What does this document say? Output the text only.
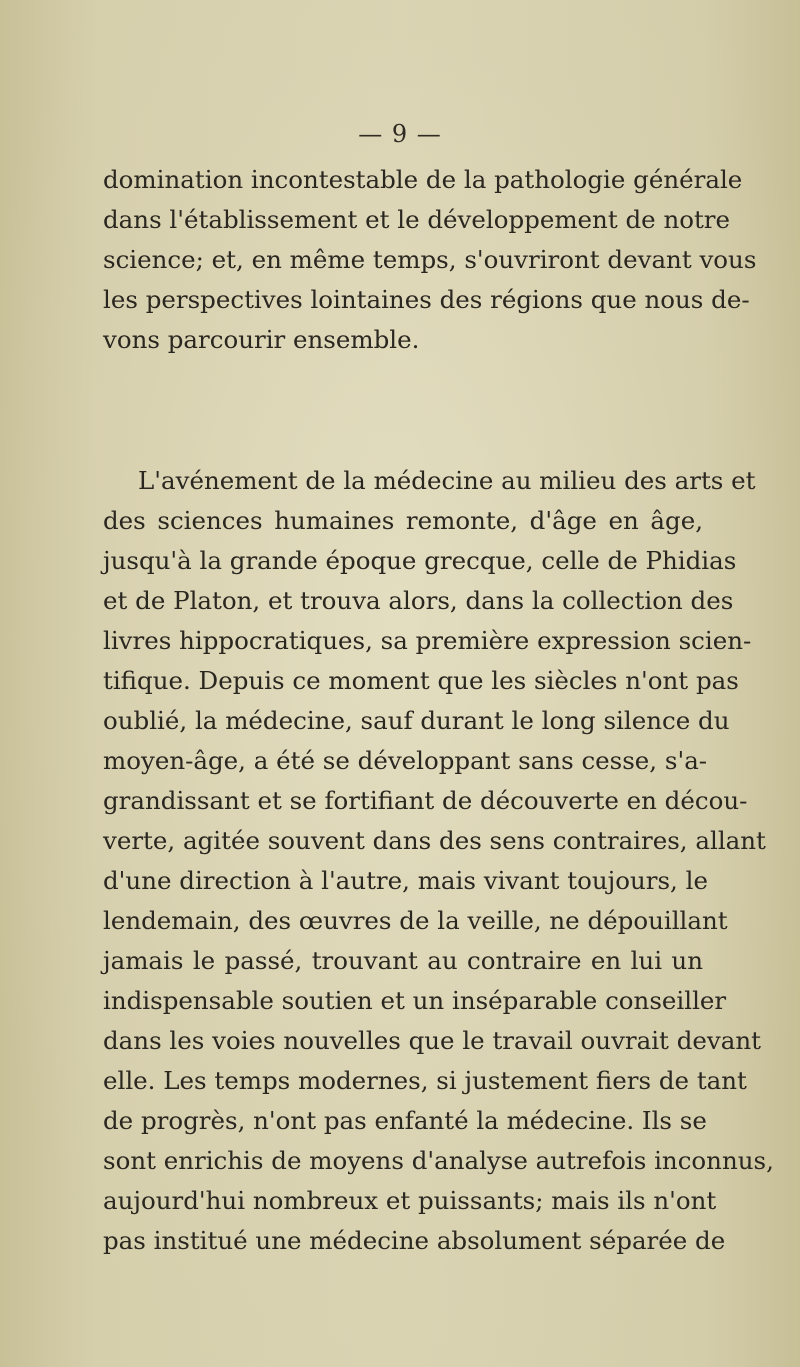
— 9 —
domination incontestable de la pathologie générale
dans l'établissement et le développement de notre
science; et, en même temps, s'ouvriront devant vous
les perspectives lointaines des régions que nous de-
vons parcourir ensemble.
L'avénement de la médecine au milieu des arts et
des sciences humaines remonte, d'âge en âge,
jusqu'à la grande époque grecque, celle de Phidias
et de Platon, et trouva alors, dans la collection des
livres hippocratiques, sa première expression scien-
tifique. Depuis ce moment que les siècles n'ont pas
oublié, la médecine, sauf durant le long silence du
moyen-âge, a été se développant sans cesse, s'a-
grandissant et se fortifiant de découverte en décou-
verte, agitée souvent dans des sens contraires, allant
d'une direction à l'autre, mais vivant toujours, le
lendemain, des œuvres de la veille, ne dépouillant
jamais le passé, trouvant au contraire en lui un
indispensable soutien et un inséparable conseiller
dans les voies nouvelles que le travail ouvrait devant
elle. Les temps modernes, si justement fiers de tant
de progrès, n'ont pas enfanté la médecine. Ils se
sont enrichis de moyens d'analyse autrefois inconnus,
aujourd'hui nombreux et puissants; mais ils n'ont
pas institué une médecine absolument séparée de
